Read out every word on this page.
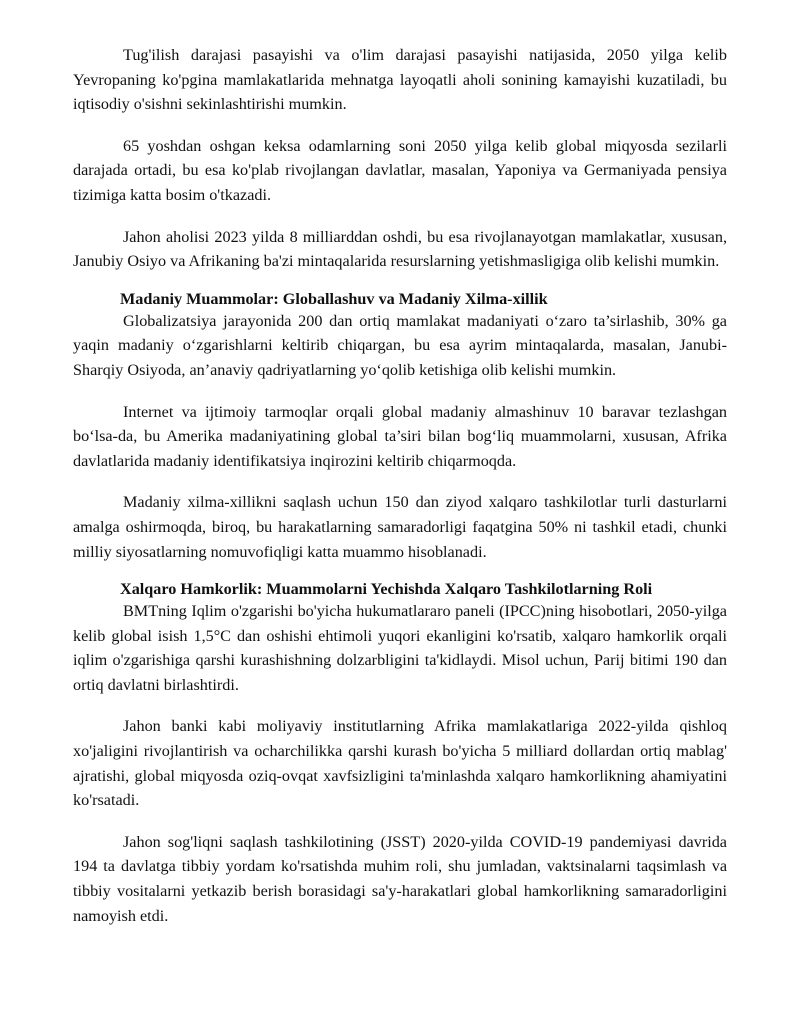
Tug'ilish darajasi pasayishi va o'lim darajasi pasayishi natijasida, 2050 yilga kelib Yevropaning ko'pgina mamlakatlarida mehnatga layoqatli aholi sonining kamayishi kuzatiladi, bu iqtisodiy o'sishni sekinlashtirishi mumkin.

65 yoshdan oshgan keksa odamlarning soni 2050 yilga kelib global miqyosda sezilarli darajada ortadi, bu esa ko'plab rivojlangan davlatlar, masalan, Yaponiya va Germaniyada pensiya tizimiga katta bosim o'tkazadi.

Jahon aholisi 2023 yilda 8 milliarddan oshdi, bu esa rivojlanayotgan mamlakatlar, xususan, Janubiy Osiyo va Afrikaning ba'zi mintaqalarida resurslarning yetishmasligiga olib kelishi mumkin.

Madaniy Muammolar: Globallashuv va Madaniy Xilma-xillik

Globalizatsiya jarayonida 200 dan ortiq mamlakat madaniyati o‘zaro ta’sirlashib, 30% ga yaqin madaniy o‘zgarishlarni keltirib chiqargan, bu esa ayrim mintaqalarda, masalan, Janubi-Sharqiy Osiyoda, an’anaviy qadriyatlarning yo‘qolib ketishiga olib kelishi mumkin.

Internet va ijtimoiy tarmoqlar orqali global madaniy almashinuv 10 baravar tezlashgan bo‘lsa-da, bu Amerika madaniyatining global ta’siri bilan bog‘liq muammolarni, xususan, Afrika davlatlarida madaniy identifikatsiya inqirozini keltirib chiqarmoqda.

Madaniy xilma-xillikni saqlash uchun 150 dan ziyod xalqaro tashkilotlar turli dasturlarni amalga oshirmoqda, biroq, bu harakatlarning samaradorligi faqatgina 50% ni tashkil etadi, chunki milliy siyosatlarning nomuvofiqligi katta muammo hisoblanadi.

Xalqaro Hamkorlik: Muammolarni Yechishda Xalqaro Tashkilotlarning Roli

BMTning Iqlim o'zgarishi bo'yicha hukumatlararo paneli (IPCC)ning hisobotlari, 2050-yilga kelib global isish 1,5°C dan oshishi ehtimoli yuqori ekanligini ko'rsatib, xalqaro hamkorlik orqali iqlim o'zgarishiga qarshi kurashishning dolzarbligini ta'kidlaydi. Misol uchun, Parij bitimi 190 dan ortiq davlatni birlashtirdi.

Jahon banki kabi moliyaviy institutlarning Afrika mamlakatlariga 2022-yilda qishloq xo'jaligini rivojlantirish va ocharchilikka qarshi kurash bo'yicha 5 milliard dollardan ortiq mablag' ajratishi, global miqyosda oziq-ovqat xavfsizligini ta'minlashda xalqaro hamkorlikning ahamiyatini ko'rsatadi.

Jahon sog'liqni saqlash tashkilotining (JSST) 2020-yilda COVID-19 pandemiyasi davrida 194 ta davlatga tibbiy yordam ko'rsatishda muhim roli, shu jumladan, vaktsinalarni taqsimlash va tibbiy vositalarni yetkazib berish borasidagi sa'y-harakatlari global hamkorlikning samaradorligini namoyish etdi.
